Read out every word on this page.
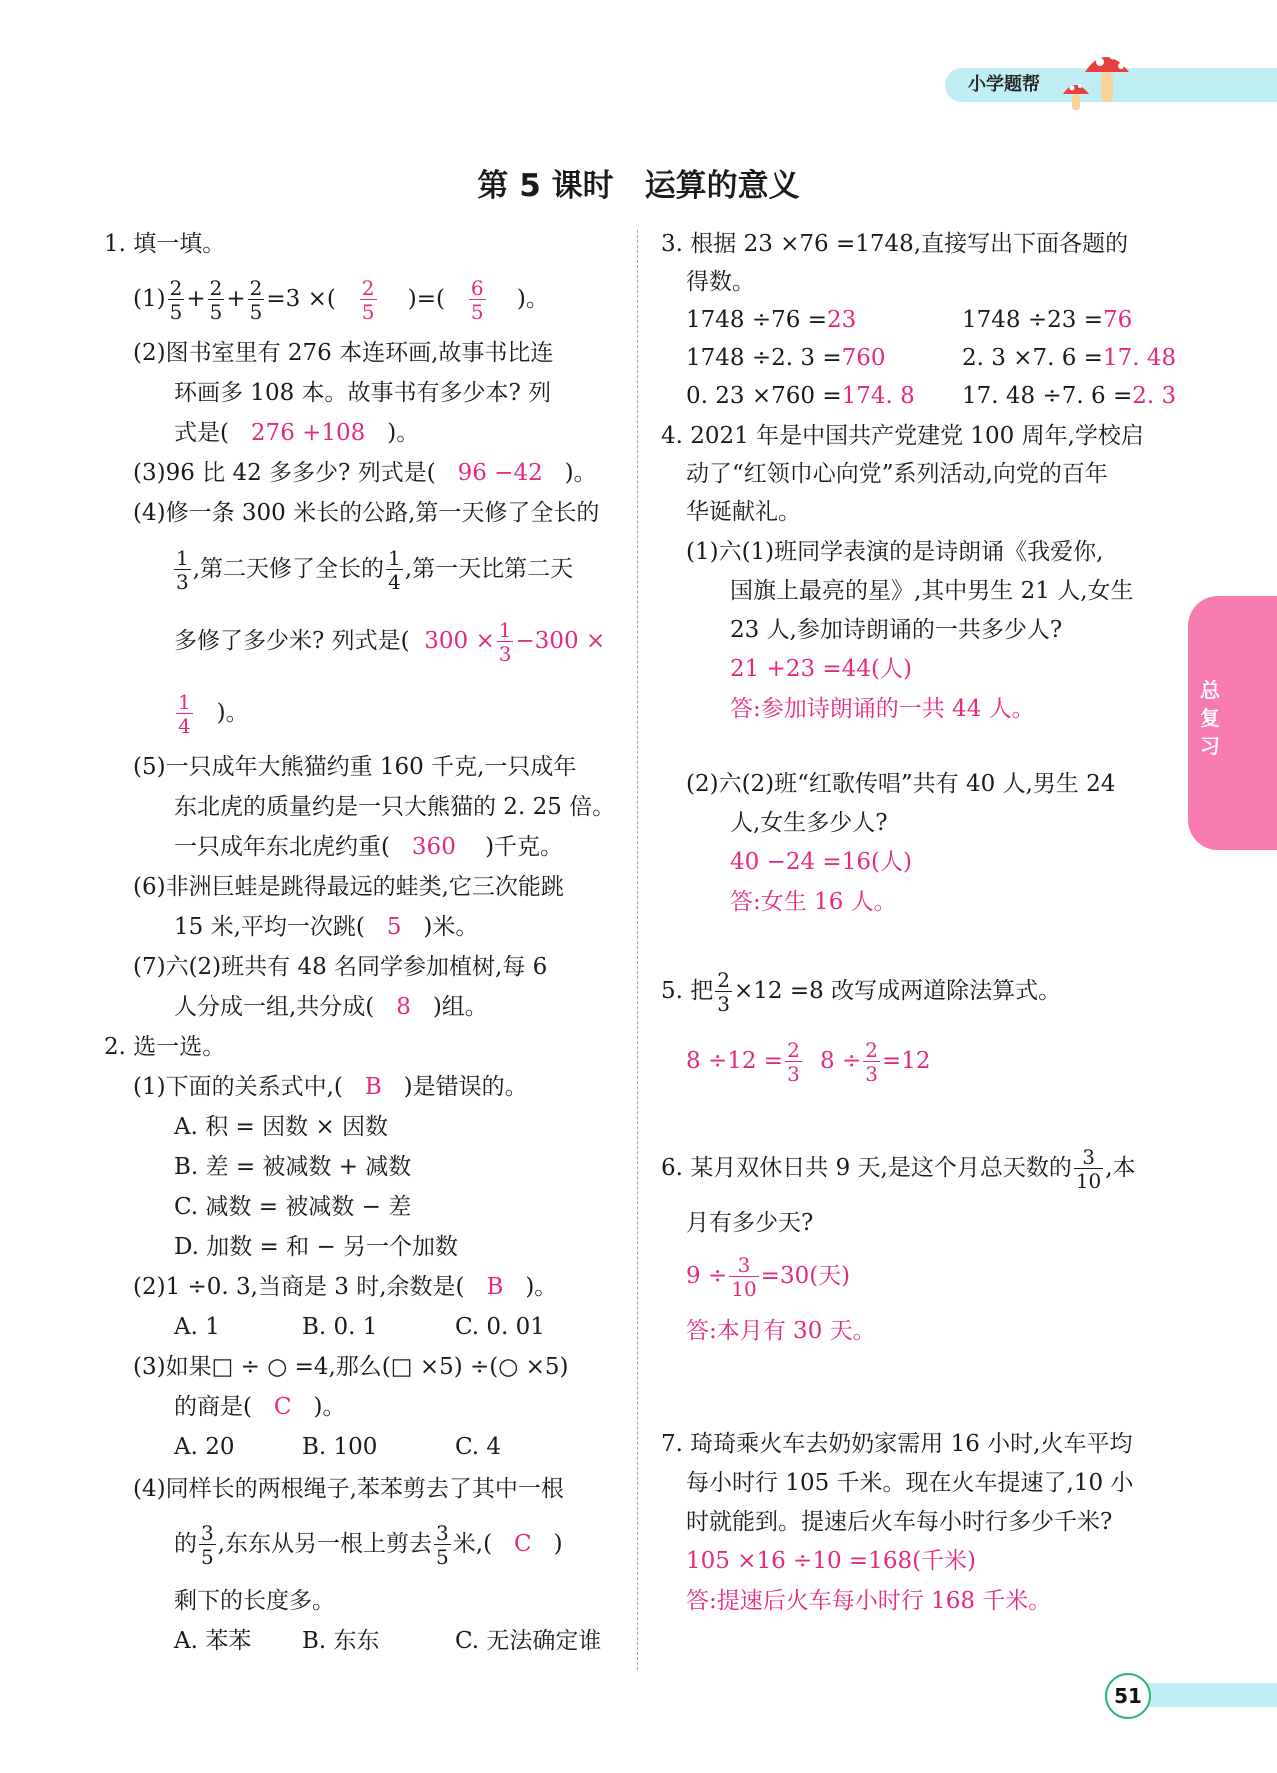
小学题帮
第 5 课时　运算的意义
总复习
1. 填一填。
$(1) \frac{2}{5} + \frac{2}{5} + \frac{2}{5} =3$ ×( $\frac{2}{5}$ )=( $\frac{6}{5}$ )。
(2)图书室里有 276 本连环画,故事书比连
环画多 108 本。故事书有多少本? 列
式是( 276 +108 )。
(3)96 比 42 多多少? 列式是( 96 −42 )。
(4)修一条 300 米长的公路,第一天修了全长的
$\frac{1}{3}$ ,第二天修了全长的 $\frac{1}{4}$ ,第一天比第二天
多修了多少米? 列式是( $300 \times \frac{1}{3} -300$ ×
$\frac{1}{4}$ )。
(5)一只成年大熊猫约重 160 千克,一只成年
东北虎的质量约是一只大熊猫的 2. 25 倍。
一只成年东北虎约重( 360 )千克。
(6)非洲巨蛙是跳得最远的蛙类,它三次能跳
15 米,平均一次跳( 5 )米。
(7)六(2)班共有 48 名同学参加植树,每 6
人分成一组,共分成( 8 )组。
2. 选一选。
(1)下面的关系式中,( B )是错误的。
A. 积 = 因数 × 因数
B. 差 = 被减数 + 减数
C. 减数 = 被减数 − 差
D. 加数 = 和 − 另一个加数
(2)1 ÷0. 3,当商是 3 时,余数是( B )。
A. 1	B. 0. 1	C. 0. 01
(3)如果□ ÷ ○ =4,那么(□ ×5) ÷(○ ×5)
的商是( C )。
A. 20	B. 100	C. 4
(4)同样长的两根绳子,苯苯剪去了其中一根
的 $\frac{3}{5}$ ,东东从另一根上剪去 $\frac{3}{5}$ 米,( C )
剩下的长度多。
A. 苯苯 B. 东东	C. 无法确定谁
3. 根据 23 ×76 =1748,直接写出下面各题的
得数。
1748 ÷76 =23	1748 ÷23 =76
1748 ÷2. 3 =760	2. 3 ×7. 6 =17. 48
0. 23 ×760 =174. 8 17. 48 ÷7. 6 =2. 3
4. 2021 年是中国共产党建党 100 周年,学校启
动了“红领巾心向党”系列活动,向党的百年
华诞献礼。
(1)六(1)班同学表演的是诗朗诵《我爱你,
国旗上最亮的星》,其中男生 21 人,女生
23 人,参加诗朗诵的一共多少人?
21 +23 =44(人)
答:参加诗朗诵的一共 44 人。
(2)六(2)班“红歌传唱”共有 40 人,男生 24
人,女生多少人?
40 −24 =16(人)
答:女生 16 人。
5. 把 $\frac{2}{3} \times 12 =8$ 改写成两道除法算式。
$8 \div 12 = \frac{2}{3} 8 \div \frac{2}{3} =12$
6. 某月双休日共 9 天,是这个月总天数的 $\frac{3}{10}$ ,本
月有多少天?
$9 \div \frac{3}{10} =30$(天)
答:本月有 30 天。
7. 琦琦乘火车去奶奶家需用 16 小时,火车平均
每小时行 105 千米。现在火车提速了,10 小
时就能到。提速后火车每小时行多少千米?
105 ×16 ÷10 =168(千米)
答:提速后火车每小时行 168 千米。
51
